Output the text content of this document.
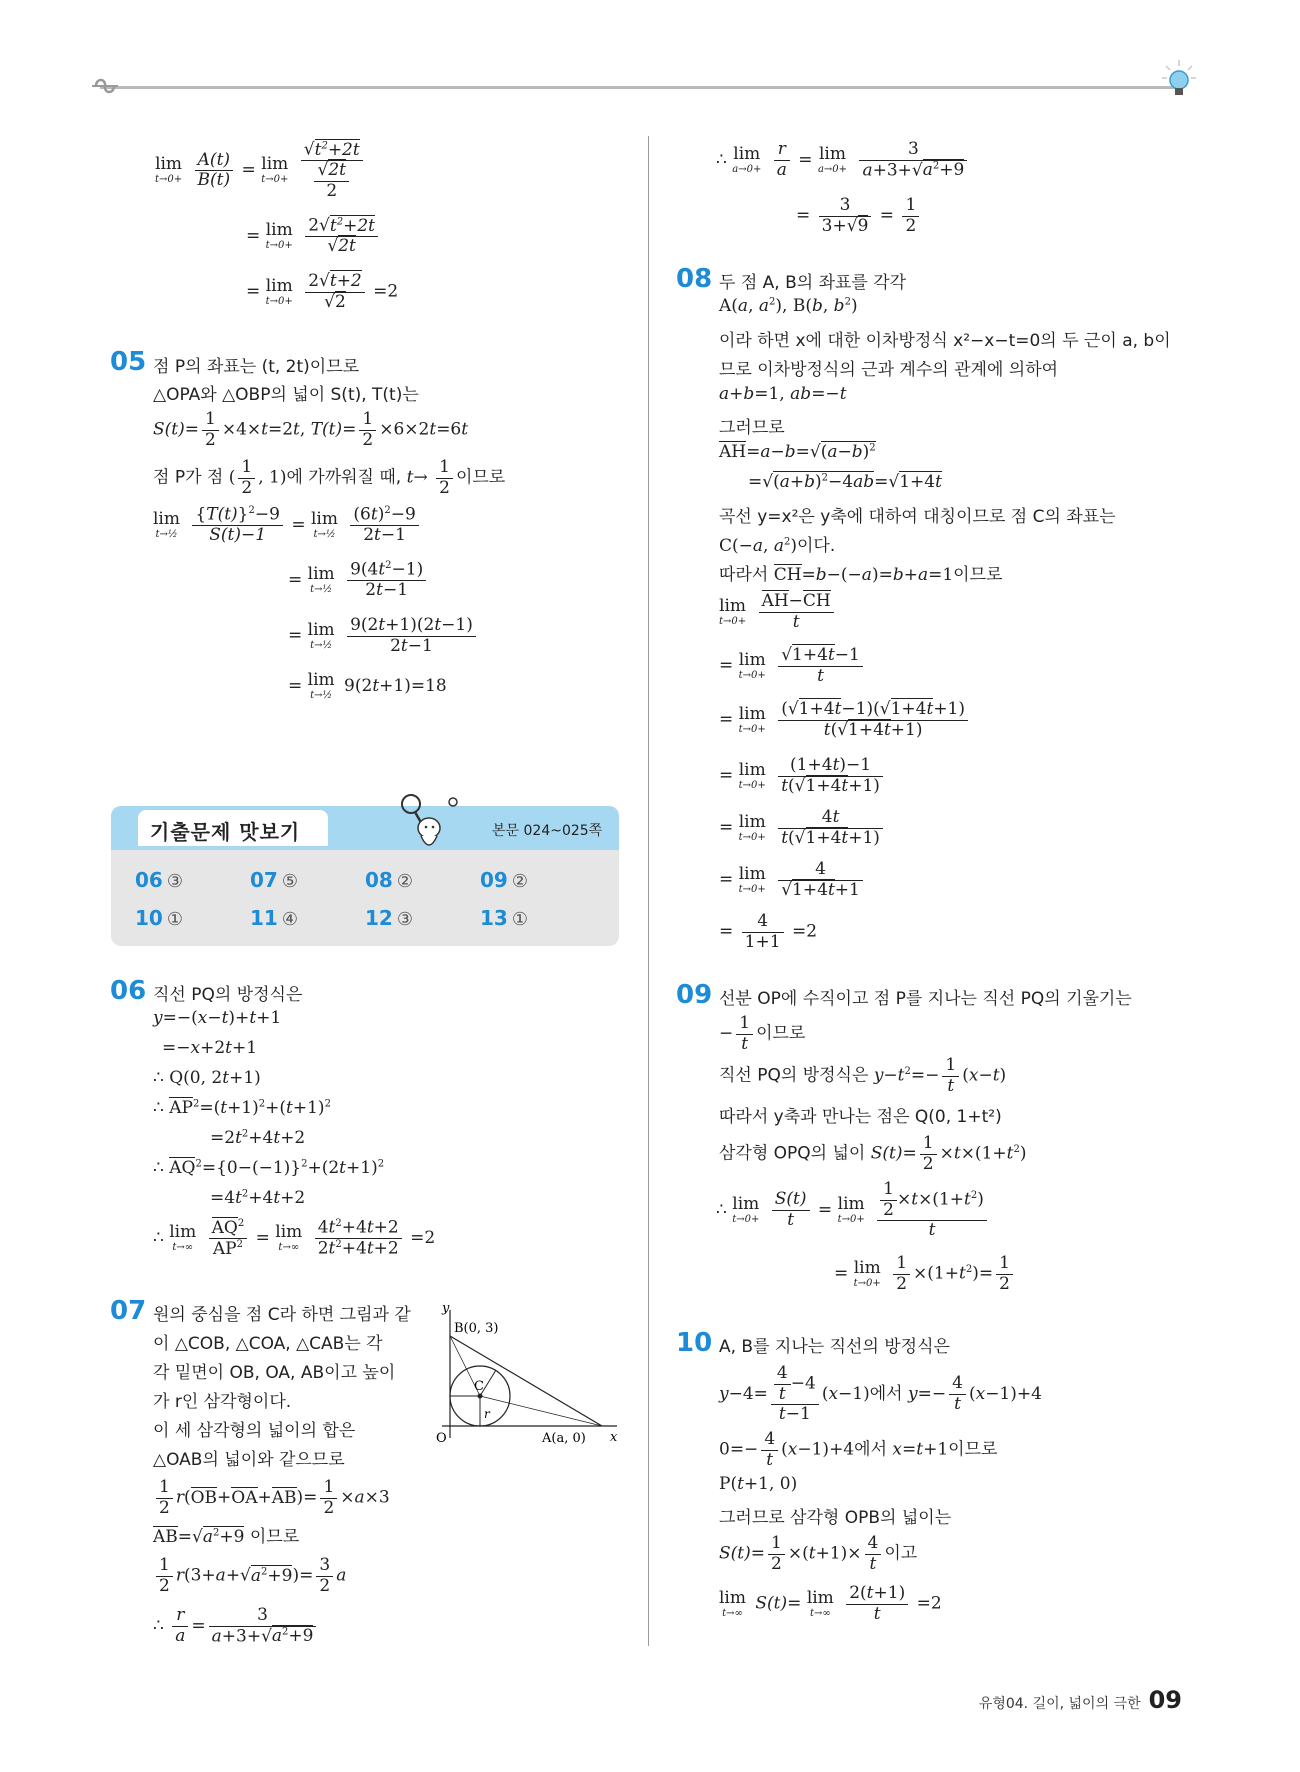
lim
t→0+
$\frac{A(t)}{B(t)} = \lim$
t→0+
$\frac{√t^2+2t}{\frac{√2t}{2}}$
= lim
t→0+
$\frac{2√t^2+2t}{√2t}$
= lim
t→0+
$\frac{2√t+2}{√2} =2$
05 점 P의 좌표는 (t, 2t)이므로
△OPA와 △OBP의 넓이 S(t), T(t)는
$S(t)= \frac{1}{2} \times 4\times t=2t$, $T(t)= \frac{1}{2} \times 6\times 2t=6t$
점 P가 점 ( $\frac{1}{2}$ , 1)에 가까워질 때, $t\to \frac{1}{2}$ 이므로
lim
t→½
$\frac{\{T(t)\}^2-9}{S(t)-1} = \lim$
t→½
$\frac{(6t)^2-9}{2t-1}$
= lim
t→½
$\frac{9(4t^2-1)}{2t-1}$
= lim
t→½
$\frac{9(2t+1)(2t-1)}{2t-1}$
= lim
t→½ 9(2t+1)=18
기출문제 맛보기	본문 024~025쪽
06 ③	07 ⑤	08 ②	09 ②
10 ①	11 ④	12 ③	13 ①
06 직선 PQ의 방정식은
y=−(x−t)+t+1
=−x+2t+1
∴ Q(0, 2t+1)
∴ $AP^2=(t+1)^2+(t+1)^2$
$=2t^2+4t+2$
∴ $AQ^2=\{0-(-1)\}^2+(2t+1)^2$
$=4t^2+4t+2$
∴ lim
t→∞
$\frac{AQ^2}{AP^2} = \lim$
t→∞
$\frac{4t^2+4t+2}{2t^2+4t+2} =2$
07 원의 중심을 점 C라 하면 그림과 같
이 △COB, △COA, △CAB는 각
각 밑면이 OB, OA, AB이고 높이
가 r인 삼각형이다.
이 세 삼각형의 넓이의 합은
△OAB의 넓이와 같으므로
y
x
O
B(0, 3)
A(a, 0)
C
r
$\frac{1}{2} r(OB+OA+AB)= \frac{1}{2} \times a\times 3$
$AB=√a^2+9$ 이므로
$\frac{1}{2} r(3+a+√a^2+9)= \frac{3}{2}$ a
∴ $\frac{r}{a} = \frac{3}{a+3+√a^2+9}$
∴ lim
a→0+
$\frac{r}{a} = \lim$
a→0+
$\frac{3}{a+3+√a^2+9}$
= $\frac{3}{3+√9} = \frac{1}{2}$
08 두 점 A, B의 좌표를 각각
A(a, $a^2$), B(b, $b^2$)
이라 하면 x에 대한 이차방정식 x²−x−t=0의 두 근이 a, b이
므로 이차방정식의 근과 계수의 관계에 의하여
a+b=1, ab=−t
그러므로
$AH=a-b=√(a-b)^2$
$=√(a+b)^2-4ab=√1+4t$
곡선 y=x²은 y축에 대하여 대칭이므로 점 C의 좌표는
C(−a, $a^2$)이다.
따라서 CH=b−(−a)=b+a=1이므로
lim
t→0+
$\frac{AH-CH}{t}$
= lim
t→0+
$\frac{√1+4t-1}{t}$
= lim
t→0+
$\frac{(√1+4t-1)(√1+4t+1)}{t(√1+4t+1)}$
= lim
t→0+
$\frac{(1+4t)-1}{t(√1+4t+1)}$
= lim
t→0+
$\frac{4t}{t(√1+4t+1)}$
= lim
t→0+
$\frac{4}{√1+4t+1}$
= $\frac{4}{1+1} =2$
09 선분 OP에 수직이고 점 P를 지나는 직선 PQ의 기울기는
− $\frac{1}{t}$ 이므로
직선 PQ의 방정식은 $y-t^2=- \frac{1}{t} (x-t)$
따라서 y축과 만나는 점은 Q(0, 1+t²)
삼각형 OPQ의 넓이 $S(t)= \frac{1}{2} \times t\times(1+t^2)$
∴ lim
t→0+
$\frac{S(t)}{t} = \lim$
t→0+
$\frac{\frac{1}{2} \times t\times(1+t^2)}{t}$
= lim
t→0+
$\frac{1}{2} \times(1+t^2)= \frac{1}{2}$
10 A, B를 지나는 직선의 방정식은
$y-4= \frac{\frac{4}{t} -4}{t-1} (x-1)$에서 $y=- \frac{4}{t} (x-1)+4$
$0=- \frac{4}{t} (x-1)+4$에서 x=t+1이므로
P(t+1, 0)
그러므로 삼각형 OPB의 넓이는
$S(t)= \frac{1}{2} \times(t+1)\times \frac{4}{t}$ 이고
lim
t→∞ S(t)= lim
t→∞
$\frac{2(t+1)}{t} =2$
유형04. 길이, 넓이의 극한 09
